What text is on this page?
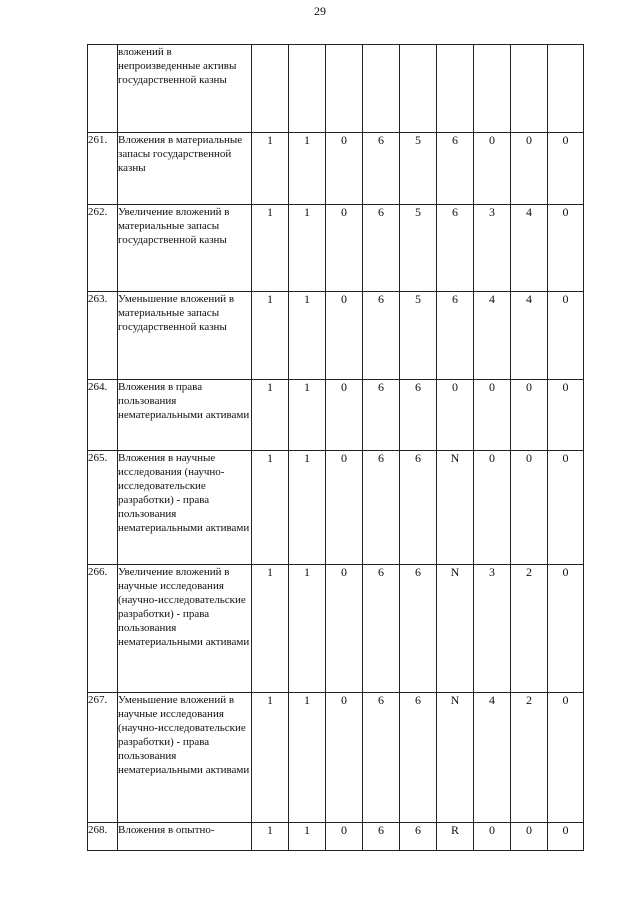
29
	вложений в непроизведенные активы государственной казны									
261.	Вложения в материальные запасы государственной казны	1	1	0	6	5	6	0	0	0
262.	Увеличение вложений в материальные запасы государственной казны	1	1	0	6	5	6	3	4	0
263.	Уменьшение вложений в материальные запасы государственной казны	1	1	0	6	5	6	4	4	0
264.	Вложения в права пользования нематериальными активами	1	1	0	6	6	0	0	0	0
265.	Вложения в научные исследования (научно-исследовательские разработки) - права пользования нематериальными активами	1	1	0	6	6	N	0	0	0
266.	Увеличение вложений в научные исследования (научно-исследовательские разработки) - права пользования нематериальными активами	1	1	0	6	6	N	3	2	0
267.	Уменьшение вложений в научные исследования (научно-исследовательские разработки) - права пользования нематериальными активами	1	1	0	6	6	N	4	2	0
268.	Вложения в опытно-	1	1	0	6	6	R	0	0	0
